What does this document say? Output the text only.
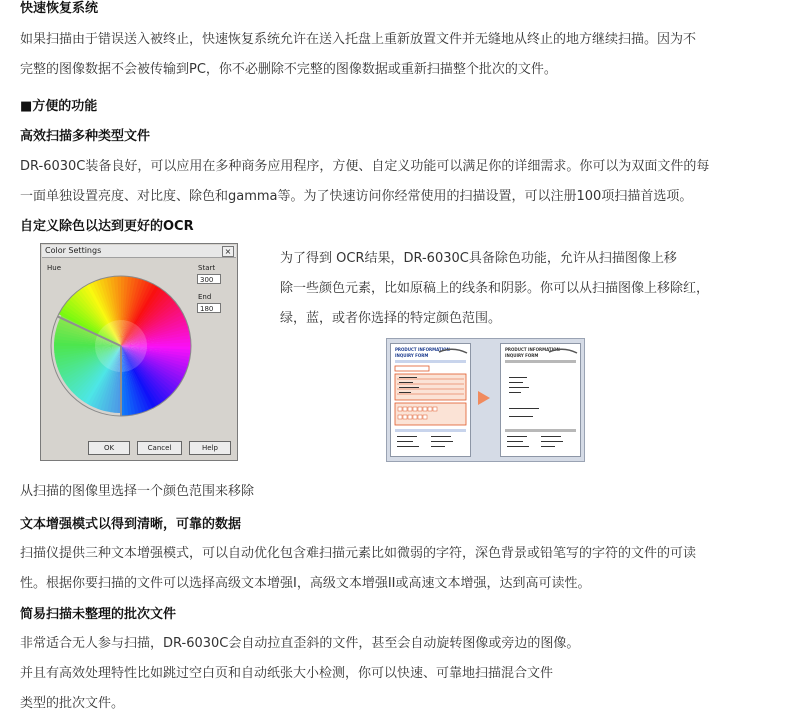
快速恢复系统
如果扫描由于错误送入被终止，快速恢复系统允许在送入托盘上重新放置文件并无缝地从终止的地方继续扫描。因为不
完整的图像数据不会被传输到PC，你不必删除不完整的图像数据或重新扫描整个批次的文件。
■方便的功能
高效扫描多种类型文件
DR-6030C装备良好，可以应用在多种商务应用程序，方便、自定义功能可以满足你的详细需求。你可以为双面文件的每
一面单独设置亮度、对比度、除色和gamma等。为了快速访问你经常使用的扫描设置，可以注册100项扫描首选项。
自定义除色以达到更好的OCR
Color Settings	×
Hue	Start
300
End
180
OK	Cancel	Help
为了得到 OCR结果，DR-6030C具备除色功能，允许从扫描图像上移
除一些颜色元素，比如原稿上的线条和阴影。你可以从扫描图像上移除红，
绿，蓝，或者你选择的特定颜色范围。
PRODUCT INFORMATION
INQUIRY FORM
PRODUCT INFORMATION
INQUIRY FORM
从扫描的图像里选择一个颜色范围来移除
文本增强模式以得到清晰，可靠的数据
扫描仪提供三种文本增强模式，可以自动优化包含难扫描元素比如微弱的字符，深色背景或铅笔写的字符的文件的可读
性。根据你要扫描的文件可以选择高级文本增强I，高级文本增强II或高速文本增强，达到高可读性。
简易扫描未整理的批次文件
非常适合无人参与扫描，DR-6030C会自动拉直歪斜的文件，甚至会自动旋转图像或旁边的图像。
并且有高效处理特性比如跳过空白页和自动纸张大小检测，你可以快速、可靠地扫描混合文件
类型的批次文件。
